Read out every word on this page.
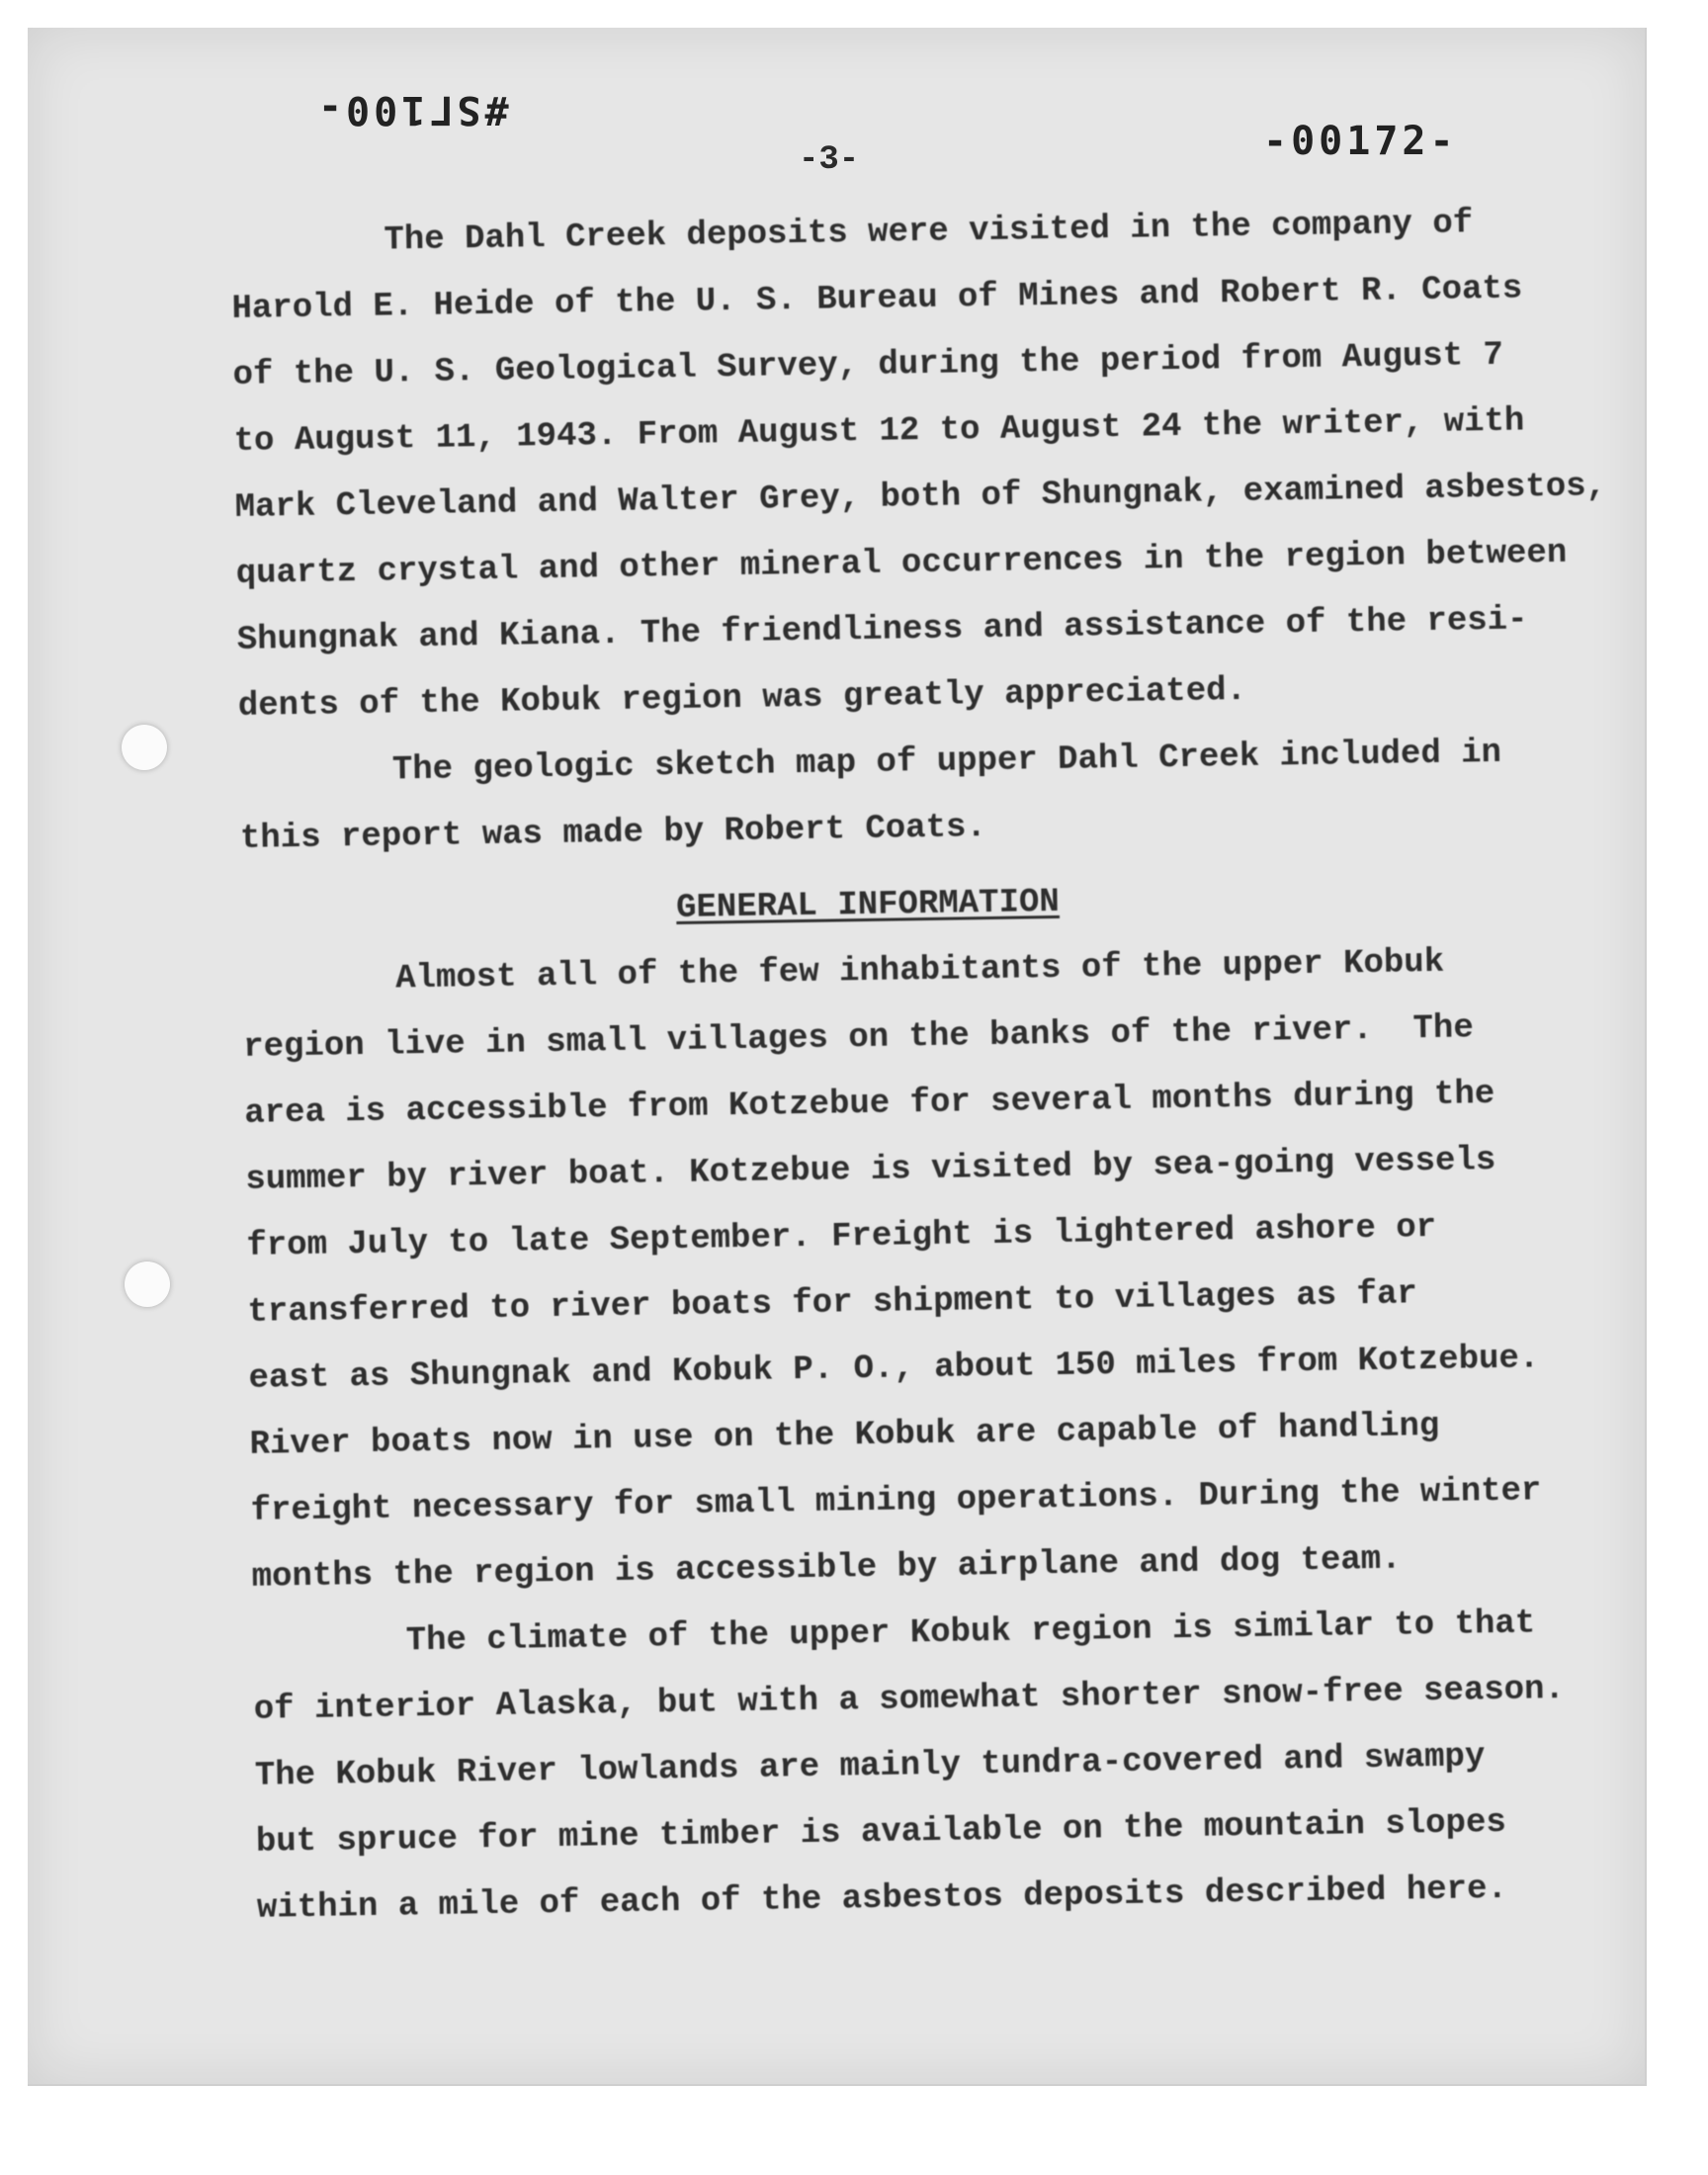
#SΓ100-
-00172-
-3-
The Dahl Creek deposits were visited in the company of
Harold E. Heide of the U. S. Bureau of Mines and Robert R. Coats
of the U. S. Geological Survey, during the period from August 7
to August 11, 1943. From August 12 to August 24 the writer, with
Mark Cleveland and Walter Grey, both of Shungnak, examined asbestos,
quartz crystal and other mineral occurrences in the region between
Shungnak and Kiana. The friendliness and assistance of the resi-
dents of the Kobuk region was greatly appreciated.
The geologic sketch map of upper Dahl Creek included in
this report was made by Robert Coats.
GENERAL INFORMATION
Almost all of the few inhabitants of the upper Kobuk
region live in small villages on the banks of the river.  The
area is accessible from Kotzebue for several months during the
summer by river boat. Kotzebue is visited by sea-going vessels
from July to late September. Freight is lightered ashore or
transferred to river boats for shipment to villages as far
east as Shungnak and Kobuk P. O., about 150 miles from Kotzebue.
River boats now in use on the Kobuk are capable of handling
freight necessary for small mining operations. During the winter
months the region is accessible by airplane and dog team.
The climate of the upper Kobuk region is similar to that
of interior Alaska, but with a somewhat shorter snow-free season.
The Kobuk River lowlands are mainly tundra-covered and swampy
but spruce for mine timber is available on the mountain slopes
within a mile of each of the asbestos deposits described here.
